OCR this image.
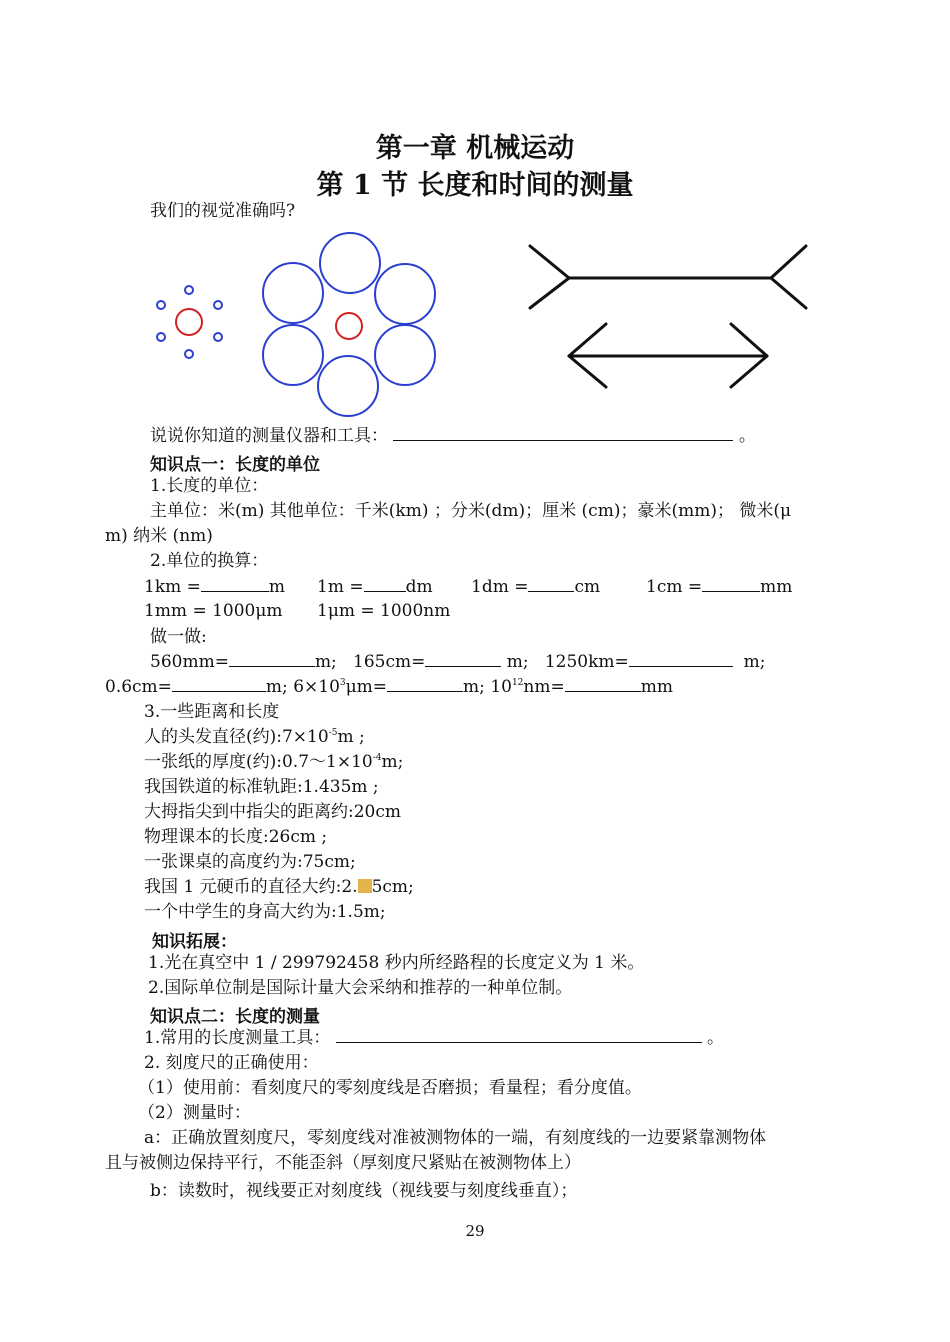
第一章 机械运动
第 1 节 长度和时间的测量
我们的视觉准确吗?
说说你知道的测量仪器和工具：	。
知识点一：长度的单位
1.长度的单位：
主单位：米(m) 其他单位：千米(km) ；分米(dm)；厘米 (cm)；豪米(mm)； 微米(μ
m) 纳米 (nm)
2.单位的换算：
1km =	m 1m = dm 1dm =	cm	1cm =	mm
1mm = 1000μm 1μm = 1000nm
做一做:
560mm=	m; 165cm=	m; 1250km=	m;
0.6cm=	m; $6\times 10^3\mu m=$	m; $10^{12}nm=$	mm
3.一些距离和长度
人的头发直径(约)$:7\times 10^{-5}m$ ;
一张纸的厚度(约)$:0.7\sim 1\times 10^{-4}m$;
我国铁道的标准轨距:1.435m ;
大拇指尖到中指尖的距离约:20cm
物理课本的长度:26cm ;
一张课桌的高度约为:75cm;
我国 1 元硬币的直径大约:2. 5cm;
一个中学生的身高大约为:1.5m;
知识拓展：
1.光在真空中 1 / 299792458 秒内所经路程的长度定义为 1 米。
2.国际单位制是国际计量大会采纳和推荐的一种单位制。
知识点二：长度的测量
1.常用的长度测量工具：	。
2. 刻度尺的正确使用：
（1）使用前：看刻度尺的零刻度线是否磨损；看量程；看分度值。
（2）测量时：
a：正确放置刻度尺，零刻度线对准被测物体的一端，有刻度线的一边要紧靠测物体
且与被侧边保持平行，不能歪斜（厚刻度尺紧贴在被测物体上）
b：读数时，视线要正对刻度线（视线要与刻度线垂直）；
29
